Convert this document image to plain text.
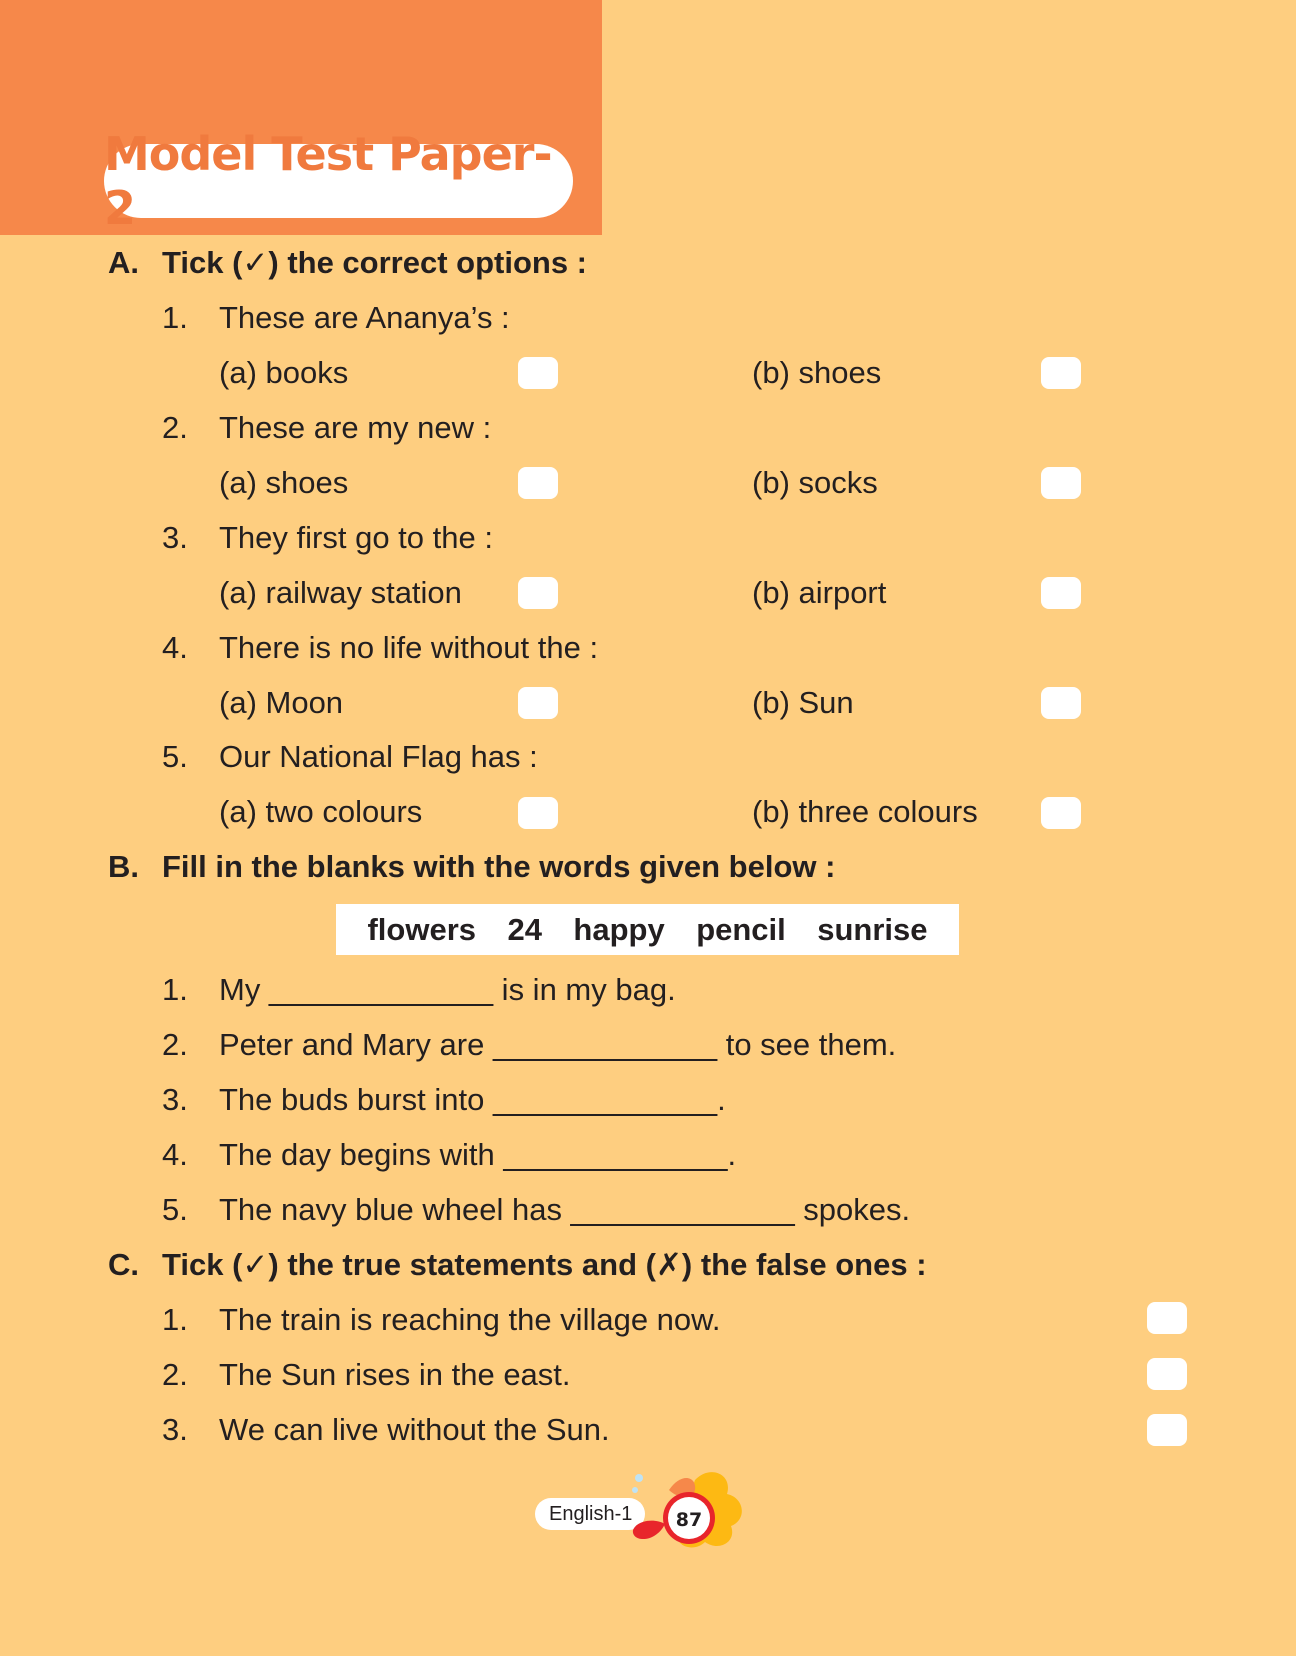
Model Test Paper-2
A. Tick (✓) the correct options :
1. These are Ananya’s :
(a) books	(b) shoes
2. These are my new :
(a) shoes	(b) socks
3. They first go to the :
(a) railway station	(b) airport
4. There is no life without the :
(a) Moon	(b) Sun
5. Our National Flag has :
(a) two colours	(b) three colours
B. Fill in the blanks with the words given below :
flowers 24 happy pencil sunrise
1. My _____________ is in my bag.
2. Peter and Mary are _____________ to see them.
3. The buds burst into _____________.
4. The day begins with _____________.
5. The navy blue wheel has _____________ spokes.
C. Tick (✓) the true statements and (✗) the false ones :
1. The train is reaching the village now.
2. The Sun rises in the east.
3. We can live without the Sun.
English-1	87
